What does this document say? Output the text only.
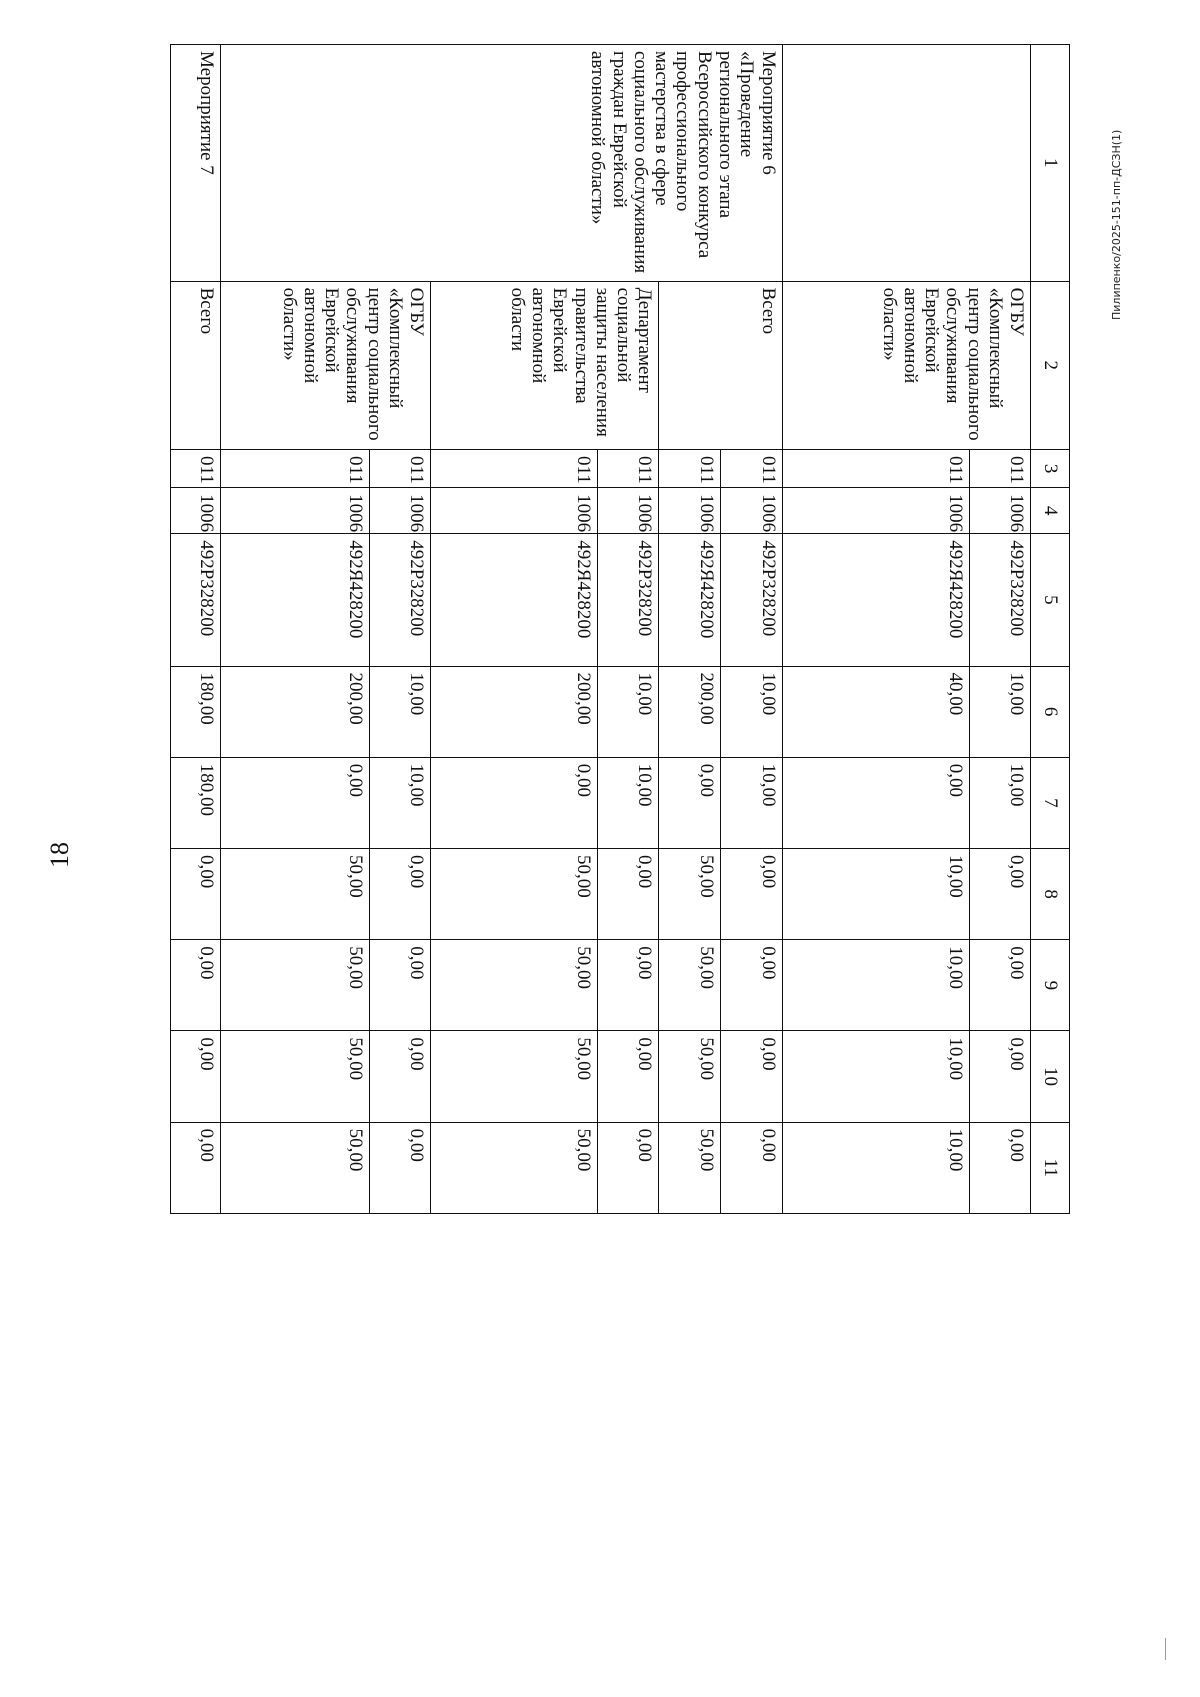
18
1	2	3	4	5	6	7	8	9	10	11

	ОГБУ «Комплексный центр социального обслуживания Еврейской автономной области»	011	1006	492P328200	10,00	10,00	0,00	0,00	0,00	0,00
		011	1006	492Я428200	40,00	0,00	10,00	10,00	10,00	10,00

Мероприятие 6 «Проведение регионального этапа Всероссийского конкурса профессионального мастерства в сфере социального обслуживания граждан Еврейской автономной области»	Всего	011	1006	492P328200	10,00	10,00	0,00	0,00	0,00	0,00
		011	1006	492Я428200	200,00	0,00	50,00	50,00	50,00	50,00

	Департамент социальной защиты населения правительства Еврейской автономной области	011	1006	492P328200	10,00	10,00	0,00	0,00	0,00	0,00
		011	1006	492Я428200	200,00	0,00	50,00	50,00	50,00	50,00

	ОГБУ «Комплексный центр социального обслуживания Еврейской автономной области»	011	1006	492P328200	10,00	10,00	0,00	0,00	0,00	0,00
		011	1006	492Я428200	200,00	0,00	50,00	50,00	50,00	50,00

Мероприятие 7	Всего	011	1006	492P328200	180,00	180,00	0,00	0,00	0,00	0,00
Пилипенко/2025-151-пп-ДСЗН(1)
